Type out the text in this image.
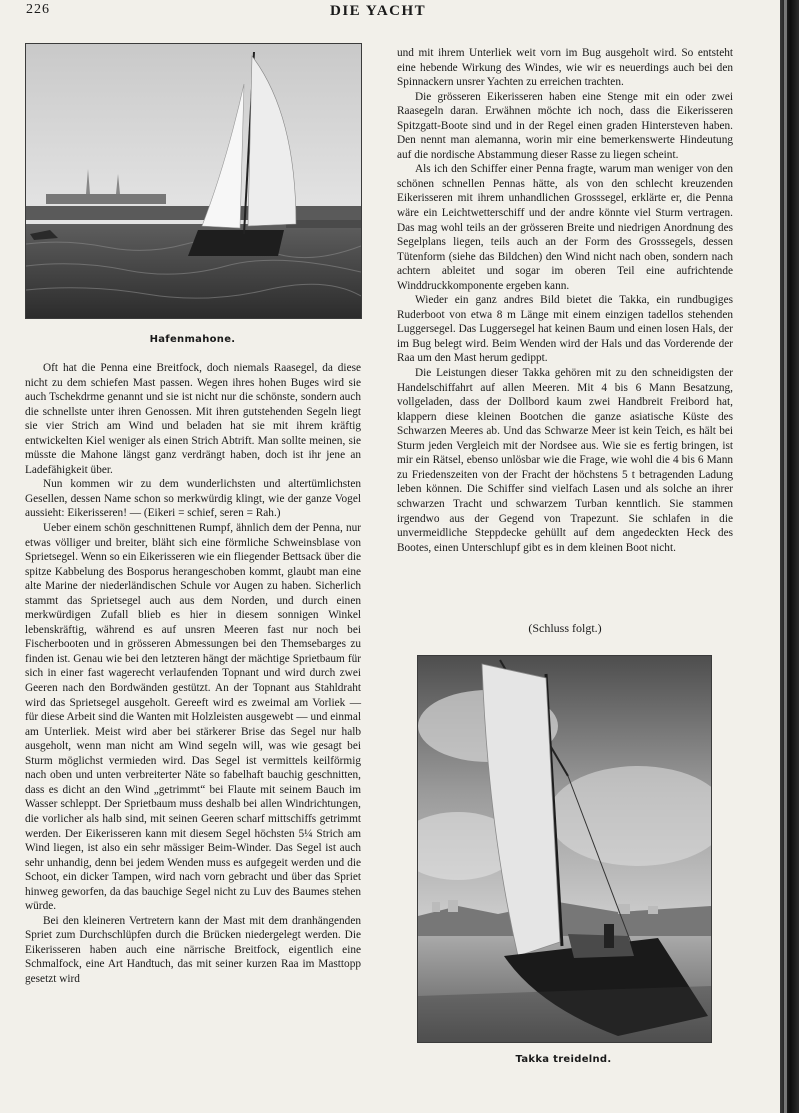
226	DIE YACHT
Hafenmahone.

Oft hat die Penna eine Breitfock, doch niemals Raasegel, da diese nicht zu dem schiefen Mast passen. Wegen ihres hohen Buges wird sie auch Tschekdrme genannt und sie ist nicht nur die schönste, sondern auch die schnellste unter ihren Genossen. Mit ihren gutstehenden Segeln liegt sie vier Strich am Wind und beladen hat sie mit ihrem kräftig entwickelten Kiel weniger als einen Strich Abtrift. Man sollte meinen, sie müsste die Mahone längst ganz verdrängt haben, doch ist ihr jene an Ladefähigkeit über.

Nun kommen wir zu dem wunderlichsten und altertümlichsten Gesellen, dessen Name schon so merkwürdig klingt, wie der ganze Vogel aussieht: Eikerisseren! — (Eikeri = schief, seren = Rah.)

Ueber einem schön geschnittenen Rumpf, ähnlich dem der Penna, nur etwas völliger und breiter, bläht sich eine förmliche Schweinsblase von Sprietsegel. Wenn so ein Eikerisseren wie ein fliegender Bettsack über die spitze Kabbelung des Bosporus herangeschoben kommt, glaubt man eine alte Marine der niederländischen Schule vor Augen zu haben. Sicherlich stammt das Sprietsegel auch aus dem Norden, und durch einen merkwürdigen Zufall blieb es hier in diesem sonnigen Winkel lebenskräftig, während es auf unsren Meeren fast nur noch bei Fischerbooten und in grösseren Abmessungen bei den Themsebarges zu finden ist. Genau wie bei den letzteren hängt der mächtige Sprietbaum für sich in einer fast wagerecht verlaufenden Topnant und wird durch zwei Geeren nach den Bordwänden gestützt. An der Topnant aus Stahldraht wird das Sprietsegel ausgeholt. Gereeft wird es zweimal am Vorliek — für diese Arbeit sind die Wanten mit Holzleisten ausgewebt — und einmal am Unterliek. Meist wird aber bei stärkerer Brise das Segel nur halb ausgeholt, wenn man nicht am Wind segeln will, was wie gesagt bei Sturm möglichst vermieden wird. Das Segel ist vermittels keilförmig nach oben und unten verbreiterter Näte so fabelhaft bauchig geschnitten, dass es dicht an den Wind „getrimmt“ bei Flaute mit seinem Bauch im Wasser schleppt. Der Sprietbaum muss deshalb bei allen Windrichtungen, die vorlicher als halb sind, mit seinen Geeren scharf mittschiffs getrimmt werden. Der Eikerisseren kann mit diesem Segel höchsten 5¼ Strich am Wind liegen, ist also ein sehr mässiger Beim-Winder. Das Segel ist auch sehr unhandig, denn bei jedem Wenden muss es aufgegeit werden und die Schoot, ein dicker Tampen, wird nach vorn gebracht und über das Spriet hinweg geworfen, da das bauchige Segel nicht zu Luv des Baumes stehen würde.

Bei den kleineren Vertretern kann der Mast mit dem dranhängenden Spriet zum Durchschlüpfen durch die Brücken niedergelegt werden. Die Eikerisseren haben auch eine närrische Breitfock, eigentlich eine Schmalfock, eine Art Handtuch, das mit seiner kurzen Raa im Masttopp gesetzt wird

und mit ihrem Unterliek weit vorn im Bug ausgeholt wird. So entsteht eine hebende Wirkung des Windes, wie wir es neuerdings auch bei den Spinnackern unsrer Yachten zu erreichen trachten.

Die grösseren Eikerisseren haben eine Stenge mit ein oder zwei Raasegeln daran. Erwähnen möchte ich noch, dass die Eikerisseren Spitzgatt-Boote sind und in der Regel einen graden Hintersteven haben. Den nennt man alemanna, worin mir eine bemerkenswerte Hindeutung auf die nordische Abstammung dieser Rasse zu liegen scheint.

Als ich den Schiffer einer Penna fragte, warum man weniger von den schönen schnellen Pennas hätte, als von den schlecht kreuzenden Eikerisseren mit ihrem unhandlichen Grosssegel, erklärte er, die Penna wäre ein Leichtwetterschiff und der andre könnte viel Sturm vertragen. Das mag wohl teils an der grösseren Breite und niedrigen Anordnung des Segelplans liegen, teils auch an der Form des Grosssegels, dessen Tütenform (siehe das Bildchen) den Wind nicht nach oben, sondern nach achtern ableitet und sogar im oberen Teil eine aufrichtende Winddruckkomponente ergeben kann.

Wieder ein ganz andres Bild bietet die Takka, ein rundbugiges Ruderboot von etwa 8 m Länge mit einem einzigen tadellos stehenden Luggersegel. Das Luggersegel hat keinen Baum und einen losen Hals, der im Bug belegt wird. Beim Wenden wird der Hals und das Vorderende der Raa um den Mast herum gedippt.

Die Leistungen dieser Takka gehören mit zu den schneidigsten der Handelschiffahrt auf allen Meeren. Mit 4 bis 6 Mann Besatzung, vollgeladen, dass der Dollbord kaum zwei Handbreit Freibord hat, klappern diese kleinen Bootchen die ganze asiatische Küste des Schwarzen Meeres ab. Und das Schwarze Meer ist kein Teich, es hält bei Sturm jeden Vergleich mit der Nordsee aus. Wie sie es fertig bringen, ist mir ein Rätsel, ebenso unlösbar wie die Frage, wie wohl die 4 bis 6 Mann zu Friedenszeiten von der Fracht der höchstens 5 t betragenden Ladung leben können. Die Schiffer sind vielfach Lasen und als solche an ihrer schwarzen Tracht und schwarzem Turban kenntlich. Sie stammen irgendwo aus der Gegend von Trapezunt. Sie schlafen in die unvermeidliche Steppdecke gehüllt auf dem angedeckten Heck des Bootes, einen Unterschlupf gibt es in dem kleinen Boot nicht.

(Schluss folgt.)
Takka treidelnd.
